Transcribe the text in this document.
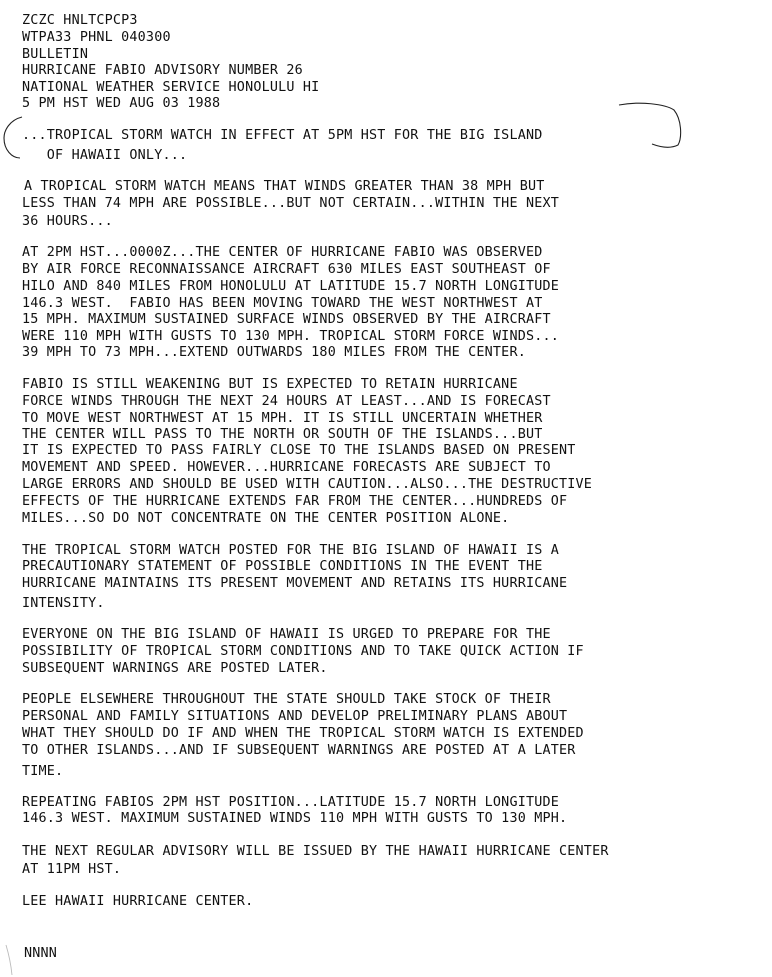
ZCZC HNLTCPCP3
WTPA33 PHNL 040300
BULLETIN
HURRICANE FABIO ADVISORY NUMBER 26
NATIONAL WEATHER SERVICE HONOLULU HI
5 PM HST WED AUG 03 1988
...TROPICAL STORM WATCH IN EFFECT AT 5PM HST FOR THE BIG ISLAND
OF HAWAII ONLY...
A TROPICAL STORM WATCH MEANS THAT WINDS GREATER THAN 38 MPH BUT
LESS THAN 74 MPH ARE POSSIBLE...BUT NOT CERTAIN...WITHIN THE NEXT
36 HOURS...
AT 2PM HST...0000Z...THE CENTER OF HURRICANE FABIO WAS OBSERVED
BY AIR FORCE RECONNAISSANCE AIRCRAFT 630 MILES EAST SOUTHEAST OF
HILO AND 840 MILES FROM HONOLULU AT LATITUDE 15.7 NORTH LONGITUDE
146.3 WEST.  FABIO HAS BEEN MOVING TOWARD THE WEST NORTHWEST AT
15 MPH. MAXIMUM SUSTAINED SURFACE WINDS OBSERVED BY THE AIRCRAFT
WERE 110 MPH WITH GUSTS TO 130 MPH. TROPICAL STORM FORCE WINDS...
39 MPH TO 73 MPH...EXTEND OUTWARDS 180 MILES FROM THE CENTER.
FABIO IS STILL WEAKENING BUT IS EXPECTED TO RETAIN HURRICANE
FORCE WINDS THROUGH THE NEXT 24 HOURS AT LEAST...AND IS FORECAST
TO MOVE WEST NORTHWEST AT 15 MPH. IT IS STILL UNCERTAIN WHETHER
THE CENTER WILL PASS TO THE NORTH OR SOUTH OF THE ISLANDS...BUT
IT IS EXPECTED TO PASS FAIRLY CLOSE TO THE ISLANDS BASED ON PRESENT
MOVEMENT AND SPEED. HOWEVER...HURRICANE FORECASTS ARE SUBJECT TO
LARGE ERRORS AND SHOULD BE USED WITH CAUTION...ALSO...THE DESTRUCTIVE
EFFECTS OF THE HURRICANE EXTENDS FAR FROM THE CENTER...HUNDREDS OF
MILES...SO DO NOT CONCENTRATE ON THE CENTER POSITION ALONE.
THE TROPICAL STORM WATCH POSTED FOR THE BIG ISLAND OF HAWAII IS A
PRECAUTIONARY STATEMENT OF POSSIBLE CONDITIONS IN THE EVENT THE
HURRICANE MAINTAINS ITS PRESENT MOVEMENT AND RETAINS ITS HURRICANE
INTENSITY.
EVERYONE ON THE BIG ISLAND OF HAWAII IS URGED TO PREPARE FOR THE
POSSIBILITY OF TROPICAL STORM CONDITIONS AND TO TAKE QUICK ACTION IF
SUBSEQUENT WARNINGS ARE POSTED LATER.
PEOPLE ELSEWHERE THROUGHOUT THE STATE SHOULD TAKE STOCK OF THEIR
PERSONAL AND FAMILY SITUATIONS AND DEVELOP PRELIMINARY PLANS ABOUT
WHAT THEY SHOULD DO IF AND WHEN THE TROPICAL STORM WATCH IS EXTENDED
TO OTHER ISLANDS...AND IF SUBSEQUENT WARNINGS ARE POSTED AT A LATER
TIME.
REPEATING FABIOS 2PM HST POSITION...LATITUDE 15.7 NORTH LONGITUDE
146.3 WEST. MAXIMUM SUSTAINED WINDS 110 MPH WITH GUSTS TO 130 MPH.
THE NEXT REGULAR ADVISORY WILL BE ISSUED BY THE HAWAII HURRICANE CENTER
AT 11PM HST.
LEE HAWAII HURRICANE CENTER.
NNNN
